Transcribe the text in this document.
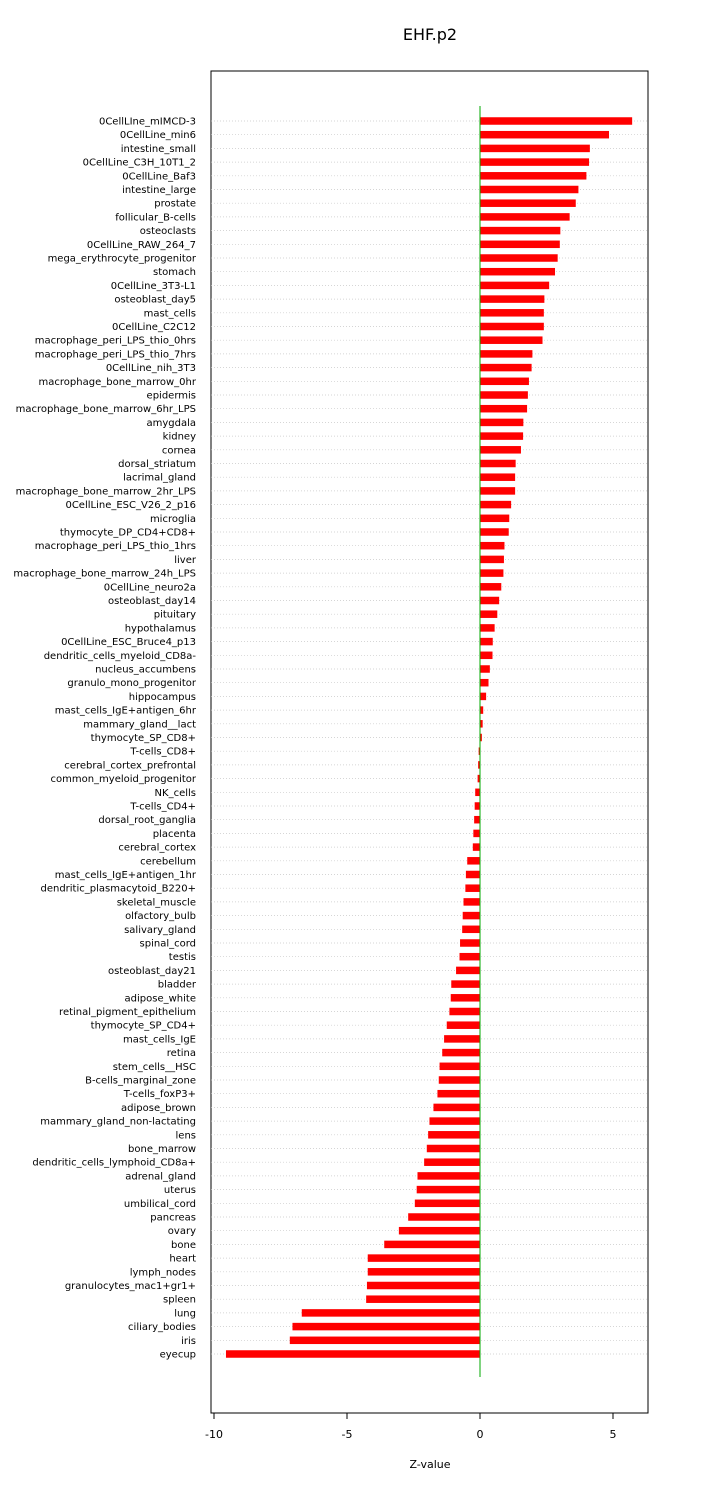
EHF.p2
0CellLIne_mIMCD-3
0CellLine_min6
intestine_small
0CellLine_C3H_10T1_2
0CellLine_Baf3
intestine_large
prostate
follicular_B-cells
osteoclasts
0CellLine_RAW_264_7
mega_erythrocyte_progenitor
stomach
0CellLine_3T3-L1
osteoblast_day5
mast_cells
0CellLine_C2C12
macrophage_peri_LPS_thio_0hrs
macrophage_peri_LPS_thio_7hrs
0CellLine_nih_3T3
macrophage_bone_marrow_0hr
epidermis
macrophage_bone_marrow_6hr_LPS
amygdala
kidney
cornea
dorsal_striatum
lacrimal_gland
macrophage_bone_marrow_2hr_LPS
0CellLine_ESC_V26_2_p16
microglia
thymocyte_DP_CD4+CD8+
macrophage_peri_LPS_thio_1hrs
liver
macrophage_bone_marrow_24h_LPS
0CellLine_neuro2a
osteoblast_day14
pituitary
hypothalamus
0CellLine_ESC_Bruce4_p13
dendritic_cells_myeloid_CD8a-
nucleus_accumbens
granulo_mono_progenitor
hippocampus
mast_cells_IgE+antigen_6hr
mammary_gland__lact
thymocyte_SP_CD8+
T-cells_CD8+
cerebral_cortex_prefrontal
common_myeloid_progenitor
NK_cells
T-cells_CD4+
dorsal_root_ganglia
placenta
cerebral_cortex
cerebellum
mast_cells_IgE+antigen_1hr
dendritic_plasmacytoid_B220+
skeletal_muscle
olfactory_bulb
salivary_gland
spinal_cord
testis
osteoblast_day21
bladder
adipose_white
retinal_pigment_epithelium
thymocyte_SP_CD4+
mast_cells_IgE
retina
stem_cells__HSC
B-cells_marginal_zone
T-cells_foxP3+
adipose_brown
mammary_gland_non-lactating
lens
bone_marrow
dendritic_cells_lymphoid_CD8a+
adrenal_gland
uterus
umbilical_cord
pancreas
ovary
bone
heart
lymph_nodes
granulocytes_mac1+gr1+
spleen
lung
ciliary_bodies
iris
eyecup
-10	-5	0	5
Z-value
